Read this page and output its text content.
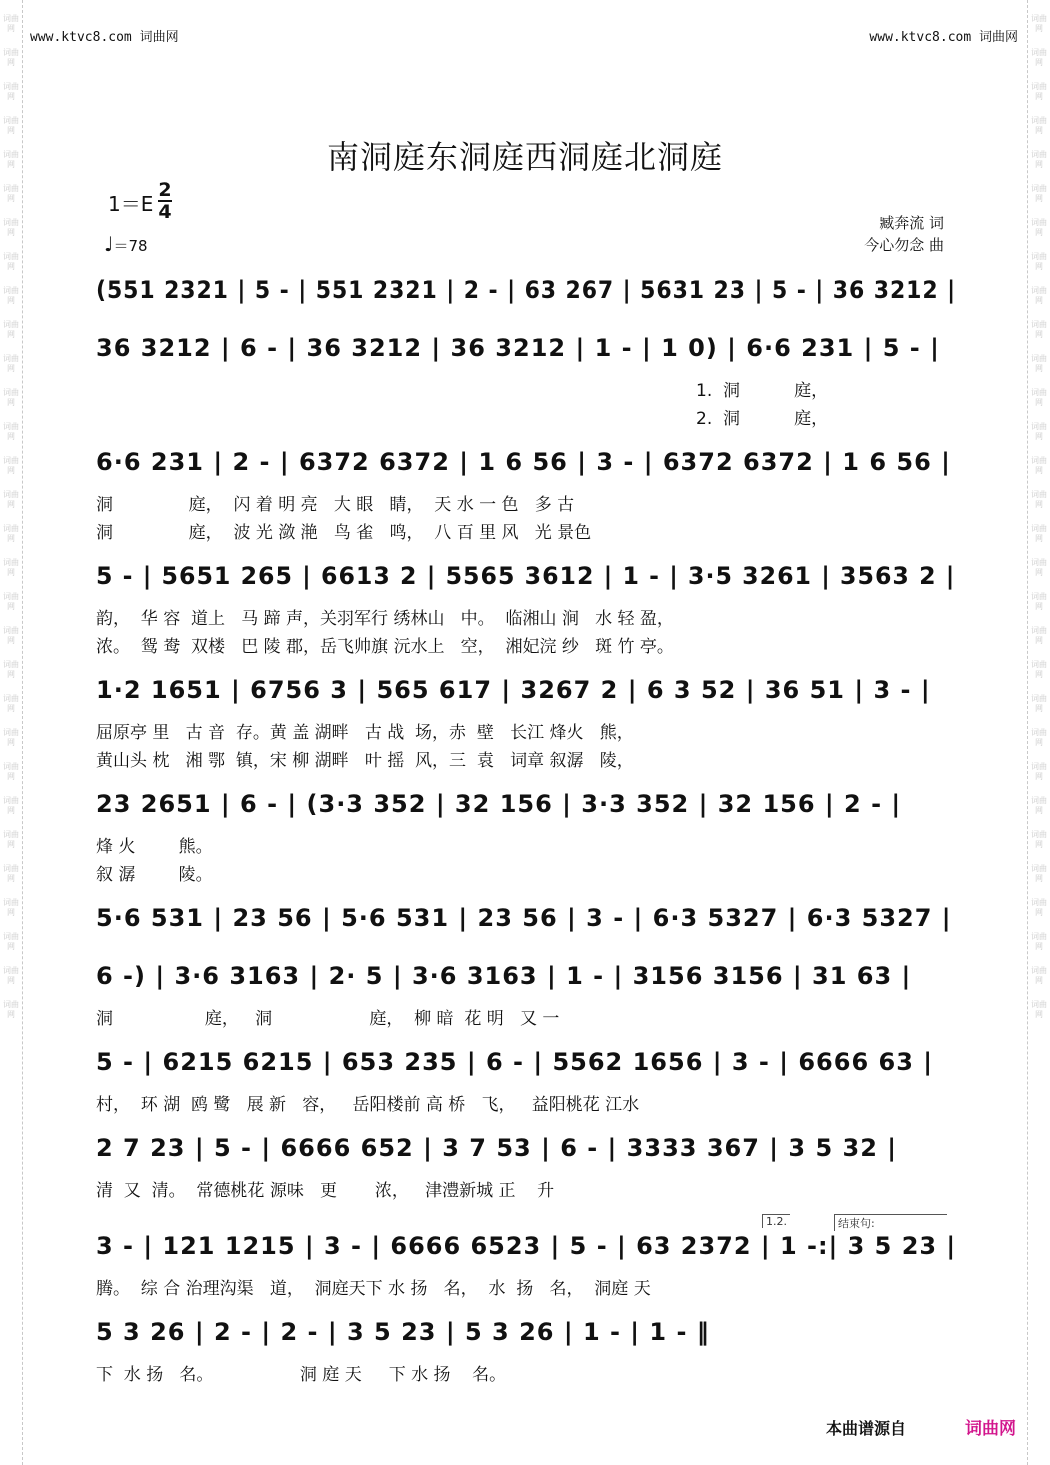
词曲网
词曲网
词曲网
词曲网
词曲网
词曲网
词曲网
词曲网
词曲网
词曲网
词曲网
词曲网
词曲网
词曲网
词曲网
词曲网
词曲网
词曲网
词曲网
词曲网
词曲网
词曲网
词曲网
词曲网
词曲网
词曲网
词曲网
词曲网
词曲网
词曲网
词曲网
词曲网
词曲网
词曲网
词曲网
词曲网
词曲网
词曲网
词曲网
词曲网
词曲网
词曲网
词曲网
词曲网
词曲网
词曲网
词曲网
词曲网
词曲网
词曲网
词曲网
词曲网
词曲网
词曲网
词曲网
词曲网
词曲网
词曲网
词曲网
词曲网
www.ktvc8.com 词曲网	www.ktvc8.com 词曲网
南洞庭东洞庭西洞庭北洞庭
1＝E
2
4
♩＝78
臧奔流 词
今心勿念 曲
(551 2321 | 5 - | 551 2321 | 2 - | 63 267 | 5631 23 | 5 - | 36 3212 |
36 3212 | 6 - | 36 3212 | 36 3212 | 1 - | 1 0) | 6·6 231 | 5 - |
1.  洞          庭，
2.  洞          庭，
6·6 231 | 2 - | 6372 6372 | 1 6 56 | 3 - | 6372 6372 | 1 6 56 |
洞              庭，  闪 着 明 亮   大 眼   睛，  天 水 一 色   多 古
洞              庭，  波 光 潋 滟   鸟 雀   鸣，  八 百 里 风   光 景色
5 - | 5651 265 | 6613 2 | 5565 3612 | 1 - | 3·5 3261 | 3563 2 |
韵，  华 容  道上   马 蹄 声，关羽军行 绣林山   中。  临湘山 涧   水 轻 盈，
浓。  鸳 鸯  双楼   巴 陵 郡，岳飞帅旗 沅水上   空，  湘妃浣 纱   斑 竹 亭。
1·2 1651 | 6756 3 | 565 617 | 3267 2 | 6 3 52 | 36 51 | 3 - |
屈原亭 里   古 音  存。黄 盖 湖畔   古 战  场，赤  壁   长江 烽火   熊，
黄山头 枕   湘 鄂  镇，宋 柳 湖畔   叶 摇  风，三  袁   词章 叙潺   陵，
23 2651 | 6 - | (3·3 352 | 32 156 | 3·3 352 | 32 156 | 2 - |
烽 火        熊。
叙 潺        陵。
5·6 531 | 23 56 | 5·6 531 | 23 56 | 3 - | 6·3 5327 | 6·3 5327 |
6 -) | 3·6 3163 | 2· 5 | 3·6 3163 | 1 - | 3156 3156 | 31 63 |
洞                 庭，   洞                  庭，  柳 暗  花 明   又 一
5 - | 6215 6215 | 653 235 | 6 - | 5562 1656 | 3 - | 6666 63 |
村，  环 湖  鸥 鹭   展 新   容，   岳阳楼前 高 桥   飞，   益阳桃花 江水
2 7 23 | 5 - | 6666 652 | 3 7 53 | 6 - | 3333 367 | 3 5 32 |
清  又  清。  常德桃花 源味   更       浓，   津澧新城 正    升
3 - | 121 1215 | 3 - | 6666 6523 | 5 - | 63 2372 | 1 -:| 3 5 23 |
腾。  综 合 治理沟渠   道，  洞庭天下 水 扬   名，  水  扬   名，  洞庭 天
5 3 26 | 2 - | 2 - | 3 5 23 | 5 3 26 | 1 - | 1 - ‖
下  水 扬   名。                洞 庭 天     下 水 扬    名。
1.2.	结束句:
本曲谱源自	词曲网
